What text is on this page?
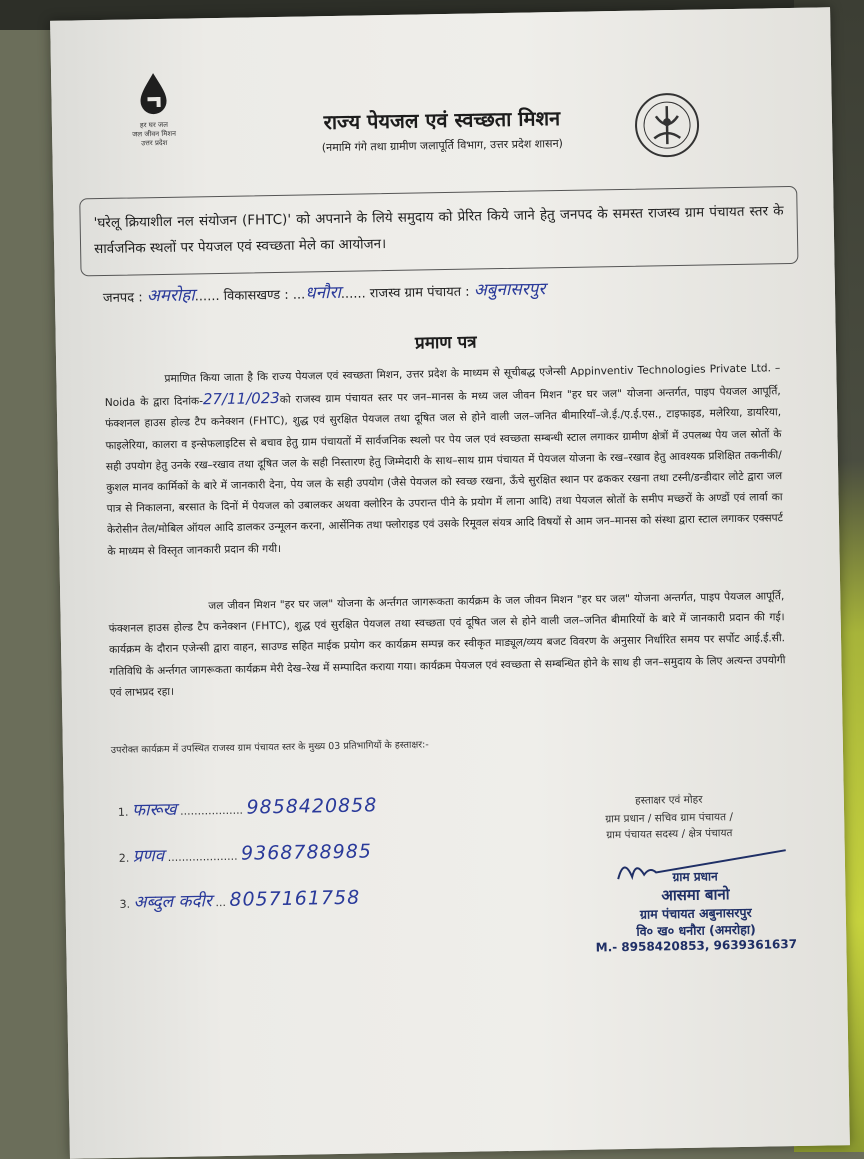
हर घर जल
जल जीवन मिशन
उत्तर प्रदेश
राज्य पेयजल एवं स्वच्छता मिशन
(नमामि गंगे तथा ग्रामीण जलापूर्ति विभाग, उत्तर प्रदेश शासन)
'घरेलू क्रियाशील नल संयोजन (FHTC)' को अपनाने के लिये समुदाय को प्रेरित किये जाने हेतु जनपद के समस्त राजस्व ग्राम पंचायत स्तर के सार्वजनिक स्थलों पर पेयजल एवं स्वच्छता मेले का आयोजन।
जनपद : अमरोहा...... विकासखण्ड : ...धनौरा...... राजस्व ग्राम पंचायत : अबुनासरपुर
प्रमाण पत्र
प्रमाणित किया जाता है कि राज्य पेयजल एवं स्वच्छता मिशन, उत्तर प्रदेश के माध्यम से सूचीबद्ध एजेन्सी Appinventiv Technologies Private Ltd. – Noida के द्वारा दिनांक-27/11/023को राजस्व ग्राम पंचायत स्तर पर जन–मानस के मध्य जल जीवन मिशन "हर घर जल" योजना अन्तर्गत, पाइप पेयजल आपूर्ति, फंक्शनल हाउस होल्ड टैप कनेक्शन (FHTC), शुद्ध एवं सुरक्षित पेयजल तथा दूषित जल से होने वाली जल–जनित बीमारियाँ–जे.ई./ए.ई.एस., टाइफाइड, मलेरिया, डायरिया, फाइलेरिया, कालरा व इन्सेफलाइटिस से बचाव हेतु ग्राम पंचायतों में सार्वजनिक स्थलो पर पेय जल एवं स्वच्छता सम्बन्धी स्टाल लगाकर ग्रामीण क्षेत्रों में उपलब्ध पेय जल स्रोतों के सही उपयोग हेतु उनके रख–रखाव तथा दूषित जल के सही निस्तारण हेतु जिम्मेदारी के साथ–साथ ग्राम पंचायत में पेयजल योजना के रख–रखाव हेतु आवश्यक प्रशिक्षित तकनीकी/कुशल मानव कार्मिकों के बारे में जानकारी देना, पेय जल के सही उपयोग (जैसे पेयजल को स्वच्छ रखना, ऊँचे सुरक्षित स्थान पर ढककर रखना तथा टस्नी/डन्डीदार लोटे द्वारा जल पात्र से निकालना, बरसात के दिनों में पेयजल को उबालकर अथवा क्लोरिन के उपरान्त पीने के प्रयोग में लाना आदि) तथा पेयजल स्रोतों के समीप मच्छरों के अण्डों एवं लार्वा का केरोसीन तेल/मोबिल ऑयल आदि डालकर उन्मूलन करना, आर्सेनिक तथा फ्लोराइड एवं उसके रिमूवल संयत्र आदि विषयों से आम जन–मानस को संस्था द्वारा स्टाल लगाकर एक्सपर्ट के माध्यम से विस्तृत जानकारी प्रदान की गयी।
जल जीवन मिशन "हर घर जल" योजना के अर्न्तगत जागरूकता कार्यक्रम के जल जीवन मिशन "हर घर जल" योजना अन्तर्गत, पाइप पेयजल आपूर्ति, फंक्शनल हाउस होल्ड टैप कनेक्शन (FHTC), शुद्ध एवं सुरक्षित पेयजल तथा स्वच्छता एवं दूषित जल से होने वाली जल–जनित बीमारियों के बारे में जानकारी प्रदान की गई। कार्यक्रम के दौरान एजेन्सी द्वारा वाहन, साउण्ड सहित माईक प्रयोग कर कार्यक्रम सम्पन्न कर स्वीकृत माड्यूल/व्यय बजट विवरण के अनुसार निर्धारित समय पर सर्पोट आई.ई.सी. गतिविधि के अर्न्तगत जागरूकता कार्यक्रम मेरी देख–रेख में सम्पादित कराया गया। कार्यक्रम पेयजल एवं स्वच्छता से सम्बन्धित होने के साथ ही जन–समुदाय के लिए अत्यन्त उपयोगी एवं लाभप्रद रहा।
उपरोक्त कार्यक्रम में उपस्थित राजस्व ग्राम पंचायत स्तर के मुख्य 03 प्रतिभागियों के हस्ताक्षर:-
1. फारूख .................. 9858420858
2. प्रणव .................... 9368788985
3. अब्दुल कदीर ... 8057161758
हस्ताक्षर एवं मोहर
ग्राम प्रधान / सचिव ग्राम पंचायत /
ग्राम पंचायत सदस्य / क्षेत्र पंचायत
ग्राम प्रधान
आसमा बानो
ग्राम पंचायत अबुनासरपुर
वि० ख० धनौरा (अमरोहा)
M.- 8958420853, 9639361637
